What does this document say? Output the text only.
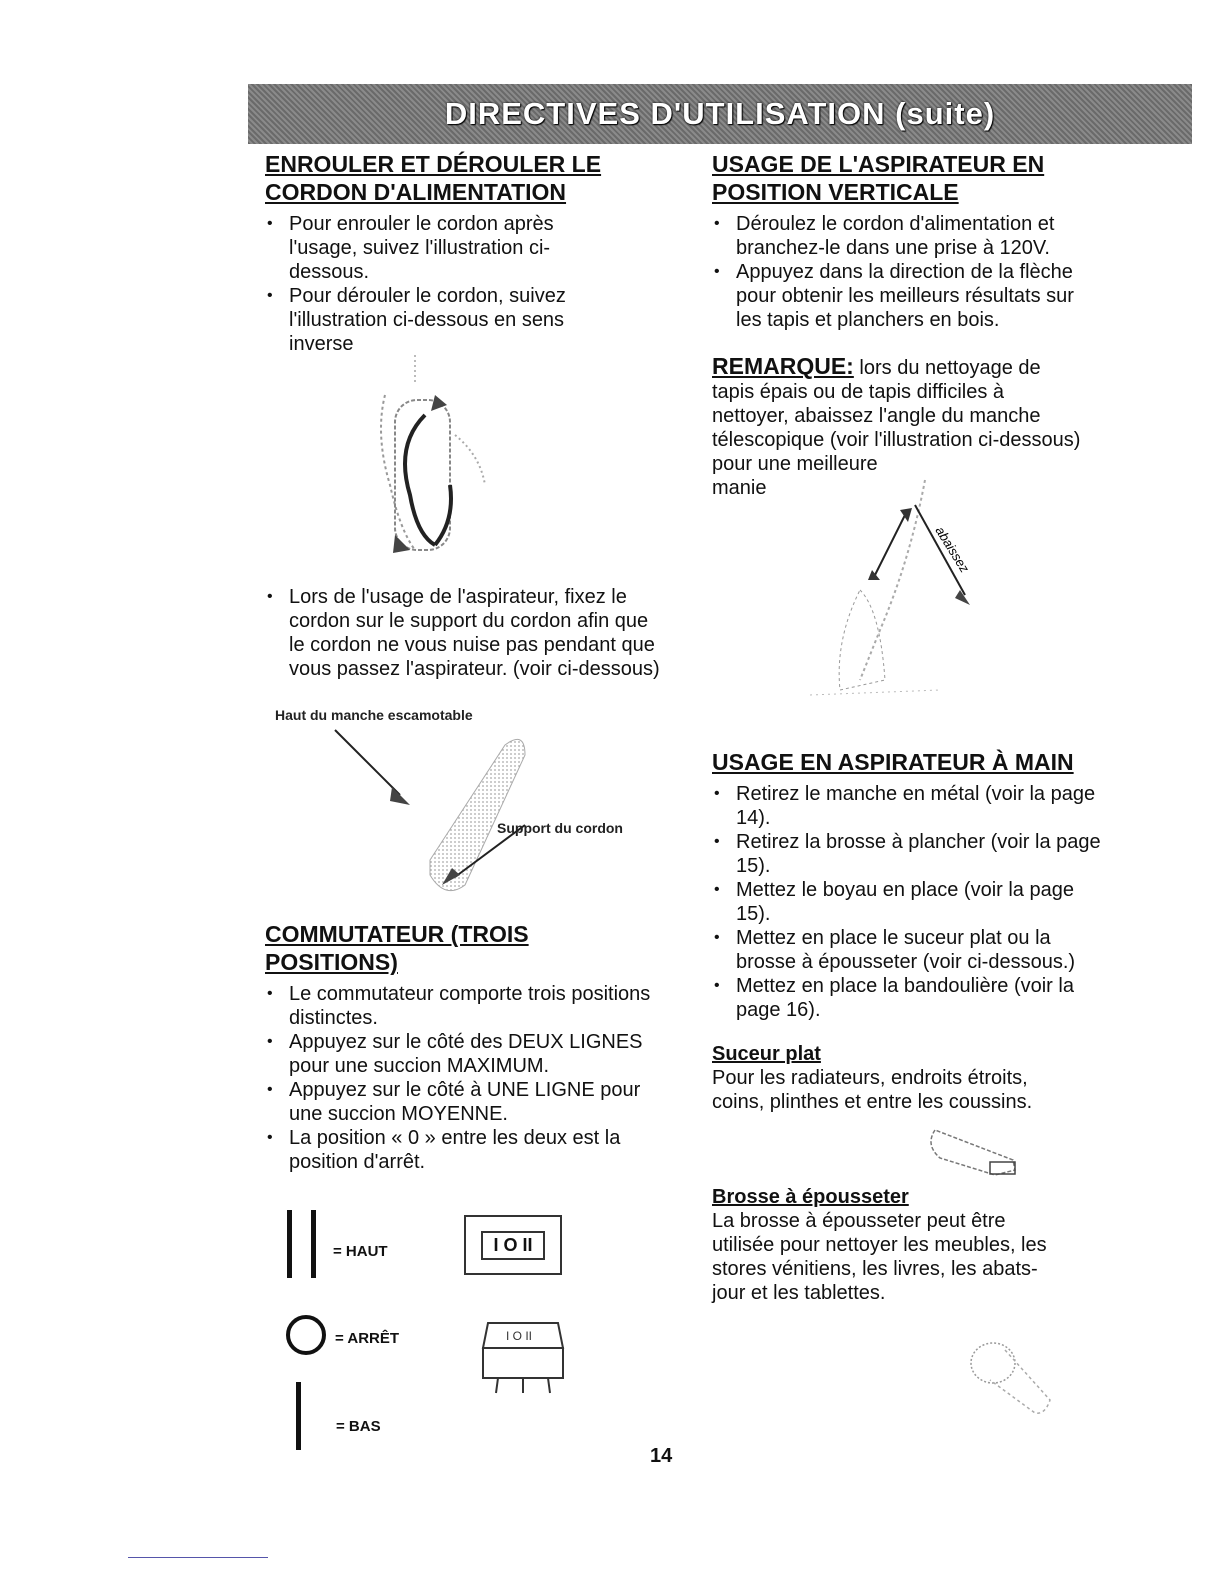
DIRECTIVES D'UTILISATION (suite)
ENROULER ET DÉROULER LE CORDON D'ALIMENTATION
• Pour enrouler le cordon après l'usage, suivez l'illustration ci-dessous.
• Pour dérouler le cordon, suivez l'illustration ci-dessous en sens inverse
• Lors de l'usage de l'aspirateur, fixez le cordon sur le support du cordon afin que le cordon ne vous nuise pas pendant que vous passez l'aspirateur. (voir ci-dessous)
Haut du manche escamotable
Support du cordon
COMMUTATEUR (TROIS POSITIONS)
• Le commutateur comporte trois positions distinctes.
• Appuyez sur le côté des DEUX LIGNES pour une succion MAXIMUM.
• Appuyez sur le côté à UNE LIGNE pour une succion MOYENNE.
• La position « 0 » entre les deux est la position d'arrêt.
= HAUT
= ARRÊT
= BAS
I O II
I O II
USAGE DE L'ASPIRATEUR EN POSITION VERTICALE
• Déroulez le cordon d'alimentation et branchez-le dans une prise à 120V.
• Appuyez dans la direction de la flèche pour obtenir les meilleurs résultats sur les tapis et planchers en bois.

REMARQUE: lors du nettoyage de tapis épais ou de tapis difficiles à nettoyer, abaissez l'angle du manche télescopique (voir l'illustration ci-dessous) pour une meilleure
manie

abaissez
USAGE EN ASPIRATEUR À MAIN
• Retirez le manche en métal (voir la page 14).
• Retirez la brosse à plancher (voir la page 15).
• Mettez le boyau en place (voir la page 15).
• Mettez en place le suceur plat ou la brosse à épousseter (voir ci-dessous.)
• Mettez en place la bandoulière (voir la page 16).
Suceur plat

Pour les radiateurs, endroits étroits, coins, plinthes et entre les coussins.

Brosse à épousseter

La brosse à épousseter peut être utilisée pour nettoyer les meubles, les stores vénitiens, les livres, les abats-jour et les tablettes.

14
